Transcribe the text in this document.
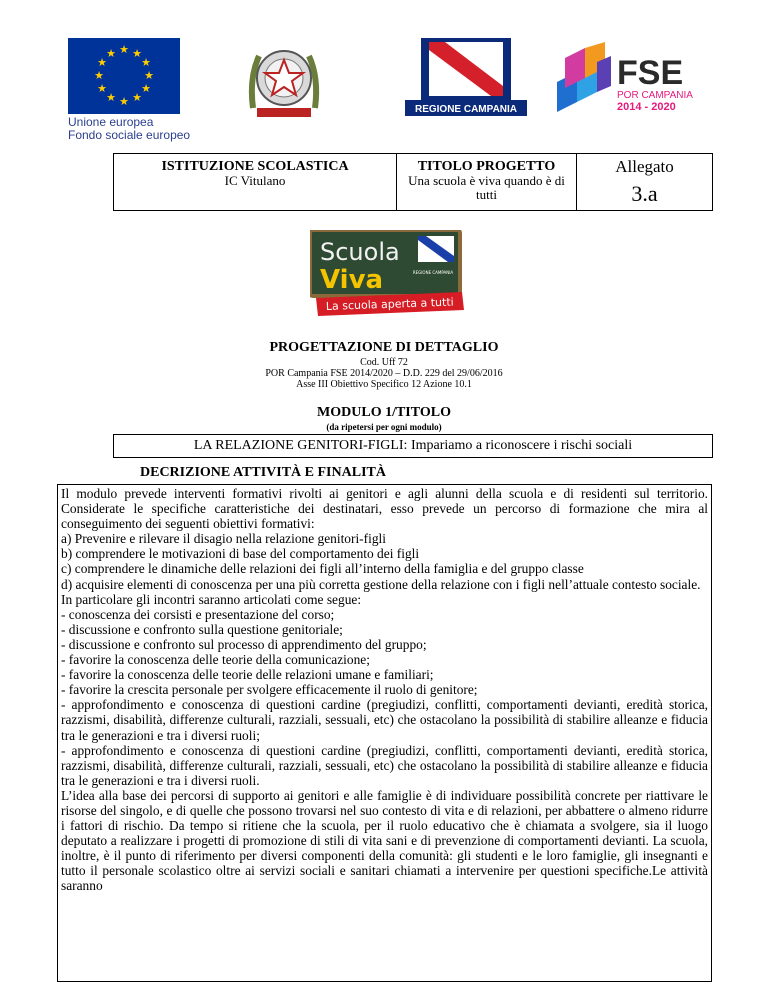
★ ★
★
★
★
★
★
★
★
★
★
★
Unione europea
Fondo sociale europeo
REGIONE CAMPANIA
FSE
POR CAMPANIA
2014 - 2020
ISTITUZIONE SCOLASTICA
IC Vitulano
TITOLO PROGETTO
Una scuola è viva quando è di tutti
Allegato
3.a
Scuola
Viva	REGIONE CAMPANIA
La scuola aperta a tutti
PROGETTAZIONE DI DETTAGLIO
Cod. Uff 72
POR Campania FSE 2014/2020 – D.D. 229 del 29/06/2016
Asse III Obiettivo Specifico 12 Azione 10.1
MODULO 1/TITOLO
(da ripetersi per ogni modulo)
LA RELAZIONE GENITORI-FIGLI: Impariamo a riconoscere i rischi sociali
DECRIZIONE ATTIVITÀ E FINALITÀ

Il modulo prevede interventi formativi rivolti ai genitori e agli alunni della scuola e di residenti sul territorio. Considerate le specifiche caratteristiche dei destinatari, esso prevede un percorso di formazione che mira al conseguimento dei seguenti obiettivi formativi:

a) Prevenire e rilevare il disagio nella relazione genitori-figli

b) comprendere le motivazioni di base del comportamento dei figli

c) comprendere le dinamiche delle relazioni dei figli all’interno della famiglia e del gruppo classe

d) acquisire elementi di conoscenza per una più corretta gestione della relazione con i figli nell’attuale contesto sociale.

In particolare gli incontri saranno articolati come segue:

- conoscenza dei corsisti e presentazione del corso;

- discussione e confronto sulla questione genitoriale;

- discussione e confronto sul processo di apprendimento del gruppo;

- favorire la conoscenza delle teorie della comunicazione;

- favorire la conoscenza delle teorie delle relazioni umane e familiari;

- favorire la crescita personale per svolgere efficacemente il ruolo di genitore;

- approfondimento e conoscenza di questioni cardine (pregiudizi, conflitti, comportamenti devianti, eredità storica, razzismi, disabilità, differenze culturali, razziali, sessuali, etc) che ostacolano la possibilità di stabilire alleanze e fiducia tra le generazioni e tra i diversi ruoli;

- approfondimento e conoscenza di questioni cardine (pregiudizi, conflitti, comportamenti devianti, eredità storica, razzismi, disabilità, differenze culturali, razziali, sessuali, etc) che ostacolano la possibilità di stabilire alleanze e fiducia tra le generazioni e tra i diversi ruoli.

L’idea alla base dei percorsi di supporto ai genitori e alle famiglie è di individuare possibilità concrete per riattivare le risorse del singolo, e di quelle che possono trovarsi nel suo contesto di vita e di relazioni, per abbattere o almeno ridurre i fattori di rischio. Da tempo si ritiene che la scuola, per il ruolo educativo che è chiamata a svolgere, sia il luogo deputato a realizzare i progetti di promozione di stili di vita sani e di prevenzione di comportamenti devianti. La scuola, inoltre, è il punto di riferimento per diversi componenti della comunità: gli studenti e le loro famiglie, gli insegnanti e tutto il personale scolastico oltre ai servizi sociali e sanitari chiamati a intervenire per questioni specifiche.Le attività saranno
